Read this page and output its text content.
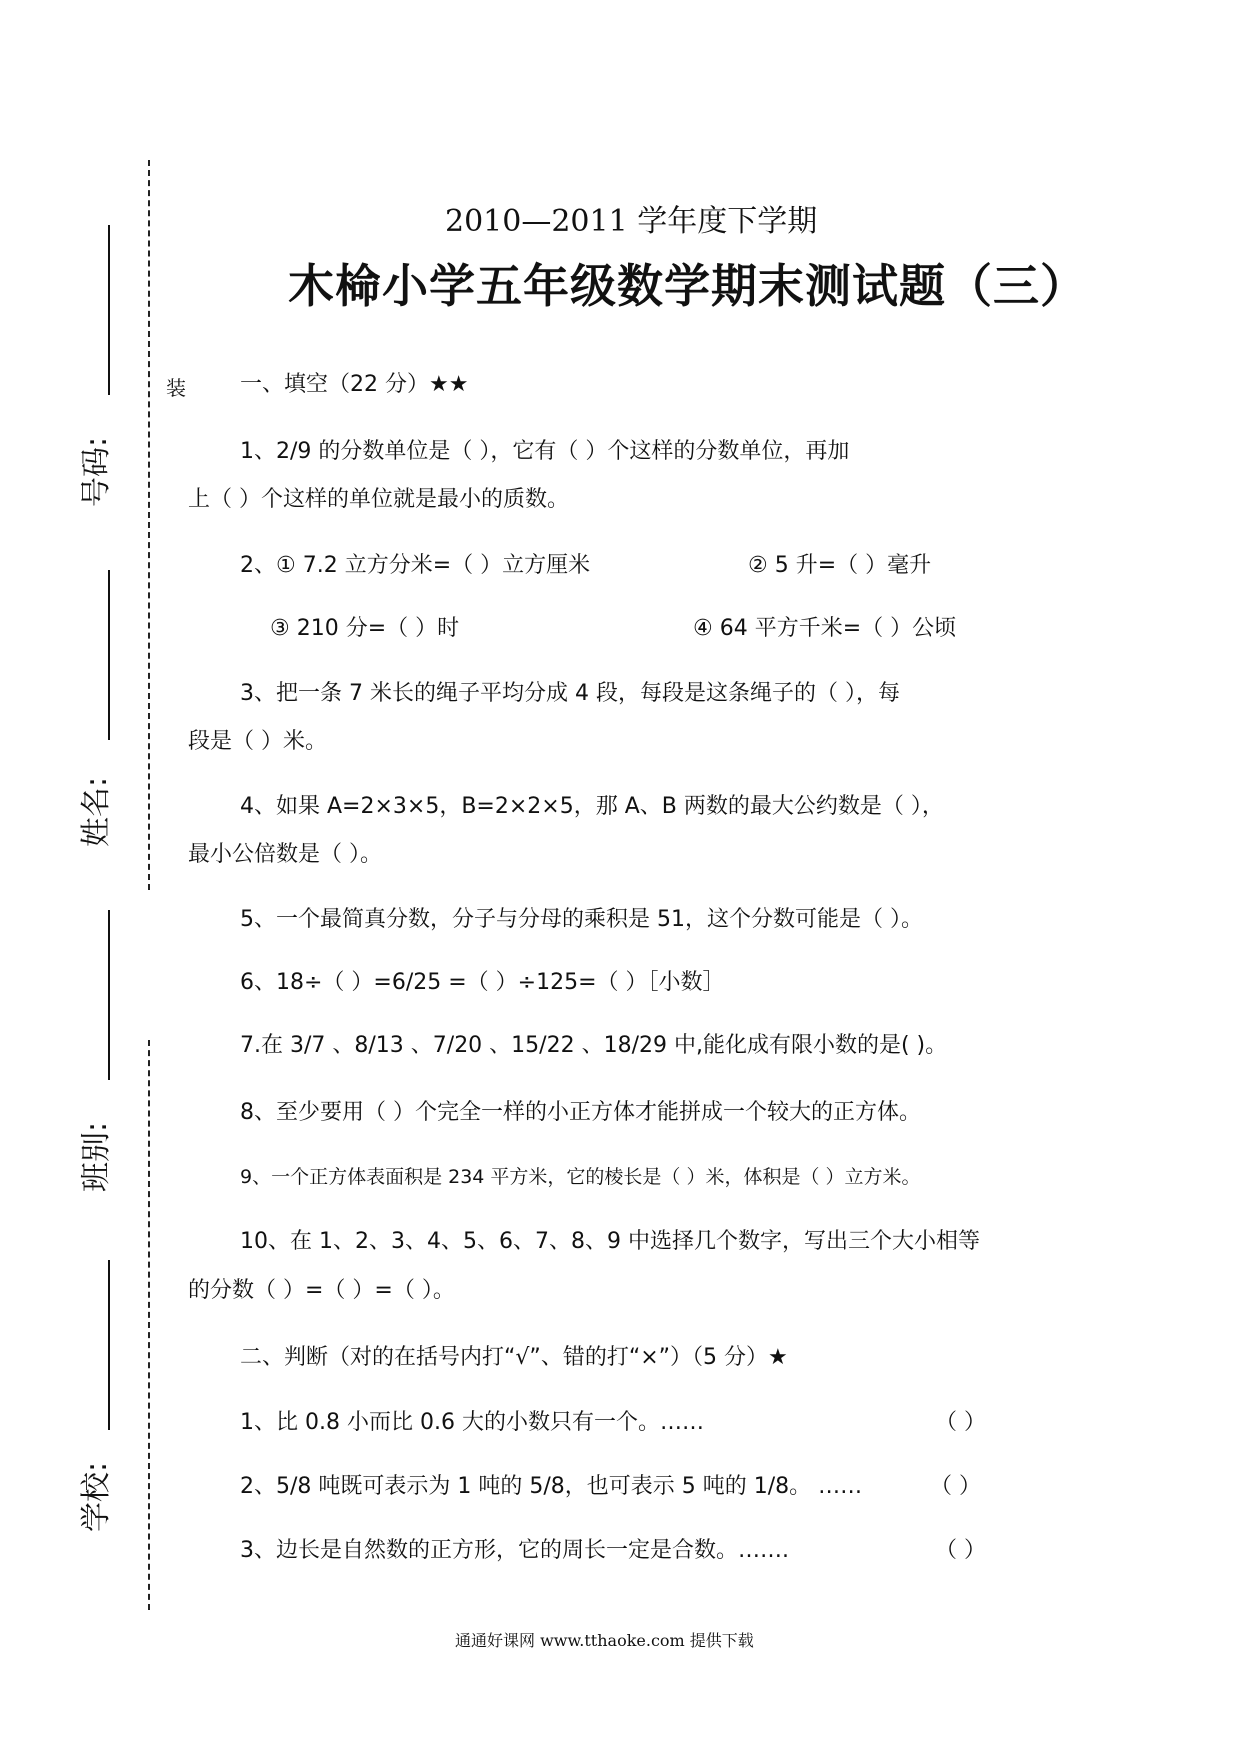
号码:
姓名:
班别:
学校:
装
2010—2011 学年度下学期
木椧小学五年级数学期末测试题（三）
一、填空（22 分）★★
1、2/9 的分数单位是（ ），它有（ ）个这样的分数单位，再加
上（ ）个这样的单位就是最小的质数。
2、① 7.2 立方分米=（ ）立方厘米	② 5 升=（ ）毫升
③ 210 分=（ ）时	④ 64 平方千米=（ ）公顷
3、把一条 7 米长的绳子平均分成 4 段，每段是这条绳子的（ ），每
段是（ ）米。
4、如果 A=2×3×5，B=2×2×5，那 A、B 两数的最大公约数是（ ），
最小公倍数是（ ）。
5、一个最简真分数，分子与分母的乘积是 51，这个分数可能是（ ）。
6、18÷（ ）=6/25 =（ ）÷125=（ ）［小数］
7.在 3/7 、8/13 、7/20 、15/22 、18/29 中,能化成有限小数的是( )。
8、至少要用（ ）个完全一样的小正方体才能拼成一个较大的正方体。
9、一个正方体表面积是 234 平方米，它的棱长是（ ）米，体积是（ ）立方米。
10、在 1、2、3、4、5、6、7、8、9 中选择几个数字，写出三个大小相等
的分数（ ）=（ ）=（ ）。
二、判断（对的在括号内打“√”、错的打“×”）（5 分）★
1、比 0.8 小而比 0.6 大的小数只有一个。……	（ ）
2、5/8 吨既可表示为 1 吨的 5/8，也可表示 5 吨的 1/8。 ……	（ ）
3、边长是自然数的正方形，它的周长一定是合数。…….	（ ）
通通好课网 www.tthaoke.com 提供下载
